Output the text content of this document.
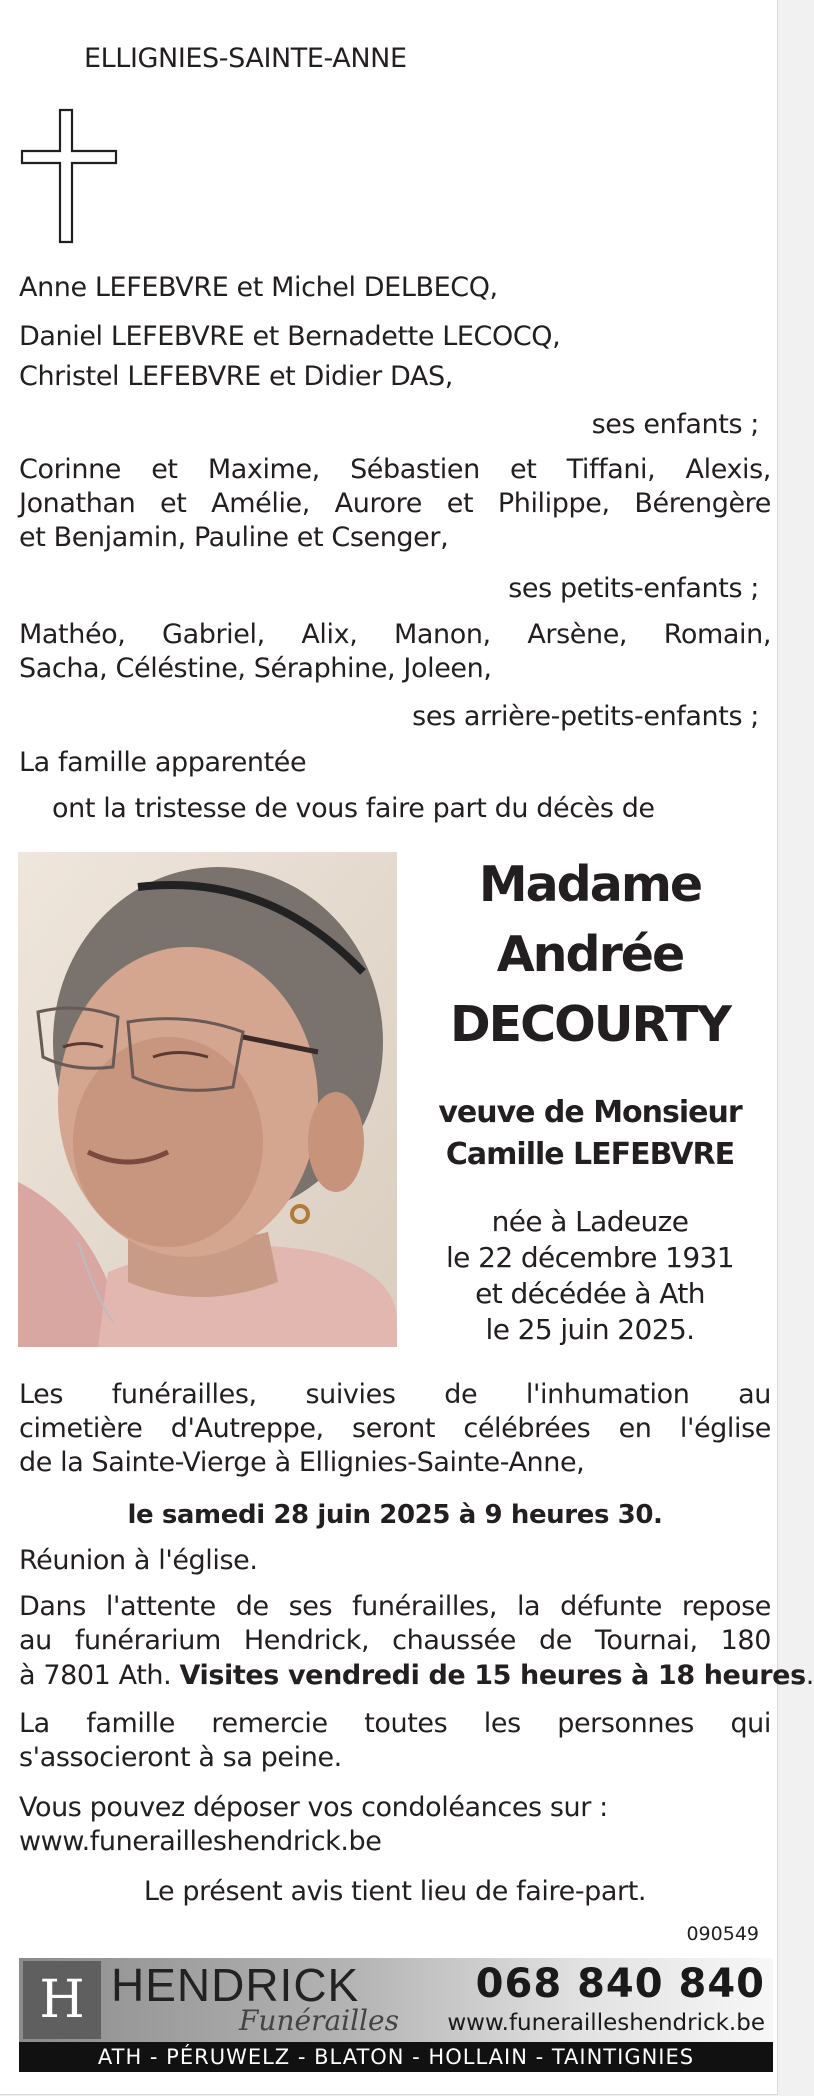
ELLIGNIES-SAINTE-ANNE
Anne LEFEBVRE et Michel DELBECQ,
Daniel LEFEBVRE et Bernadette LECOCQ,
Christel LEFEBVRE et Didier DAS,
ses enfants ;
Corinne et Maxime, Sébastien et Tiffani, Alexis,
Jonathan et Amélie, Aurore et Philippe, Bérengère
et Benjamin, Pauline et Csenger,
ses petits-enfants ;
Mathéo, Gabriel, Alix, Manon, Arsène, Romain,
Sacha, Céléstine, Séraphine, Joleen,
ses arrière-petits-enfants ;
La famille apparentée
ont la tristesse de vous faire part du décès de
Madame
Andrée
DECOURTY
veuve de Monsieur
Camille LEFEBVRE
née à Ladeuze
le 22 décembre 1931
et décédée à Ath
le 25 juin 2025.
Les funérailles, suivies de l'inhumation au
cimetière d'Autreppe, seront célébrées en l'église
de la Sainte-Vierge à Ellignies-Sainte-Anne,
le samedi 28 juin 2025 à 9 heures 30.
Réunion à l'église.
Dans l'attente de ses funérailles, la défunte repose
au funérarium Hendrick, chaussée de Tournai, 180
à 7801 Ath. Visites vendredi de 15 heures à 18 heures.
La famille remercie toutes les personnes qui
s'associeront à sa peine.
Vous pouvez déposer vos condoléances sur :
www.funerailleshendrick.be
Le présent avis tient lieu de faire-part.
090549
H HENDRICK
Funérailles
068 840 840
www.funerailleshendrick.be
ATH - PÉRUWELZ - BLATON - HOLLAIN - TAINTIGNIES
